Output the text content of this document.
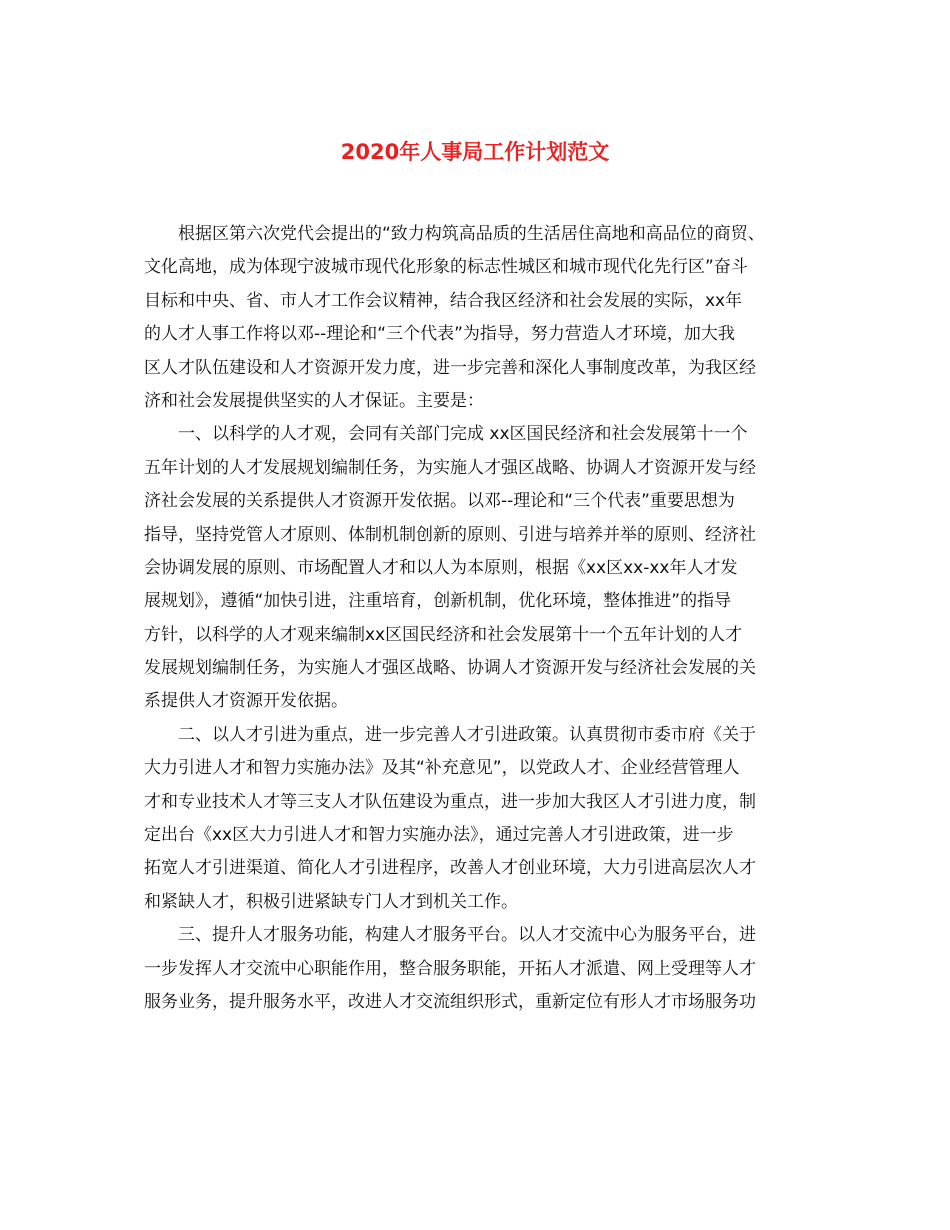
2020年人事局工作计划范文
根据区第六次党代会提出的“致力构筑高品质的生活居住高地和高品位的商贸、
文化高地，成为体现宁波城市现代化形象的标志性城区和城市现代化先行区”奋斗
目标和中央、省、市人才工作会议精神，结合我区经济和社会发展的实际，xx年
的人才人事工作将以邓--理论和“三个代表”为指导，努力营造人才环境，加大我
区人才队伍建设和人才资源开发力度，进一步完善和深化人事制度改革，为我区经
济和社会发展提供坚实的人才保证。主要是：
一、以科学的人才观，会同有关部门完成 xx区国民经济和社会发展第十一个
五年计划的人才发展规划编制任务，为实施人才强区战略、协调人才资源开发与经
济社会发展的关系提供人才资源开发依据。以邓--理论和“三个代表”重要思想为
指导，坚持党管人才原则、体制机制创新的原则、引进与培养并举的原则、经济社
会协调发展的原则、市场配置人才和以人为本原则，根据《xx区xx-xx年人才发
展规划》，遵循“加快引进，注重培育，创新机制，优化环境，整体推进”的指导
方针，以科学的人才观来编制xx区国民经济和社会发展第十一个五年计划的人才
发展规划编制任务，为实施人才强区战略、协调人才资源开发与经济社会发展的关
系提供人才资源开发依据。
二、以人才引进为重点，进一步完善人才引进政策。认真贯彻市委市府《关于
大力引进人才和智力实施办法》及其“补充意见”，以党政人才、企业经营管理人
才和专业技术人才等三支人才队伍建设为重点，进一步加大我区人才引进力度，制
定出台《xx区大力引进人才和智力实施办法》，通过完善人才引进政策，进一步
拓宽人才引进渠道、简化人才引进程序，改善人才创业环境，大力引进高层次人才
和紧缺人才，积极引进紧缺专门人才到机关工作。
三、提升人才服务功能，构建人才服务平台。以人才交流中心为服务平台，进
一步发挥人才交流中心职能作用，整合服务职能，开拓人才派遣、网上受理等人才
服务业务，提升服务水平，改进人才交流组织形式，重新定位有形人才市场服务功
